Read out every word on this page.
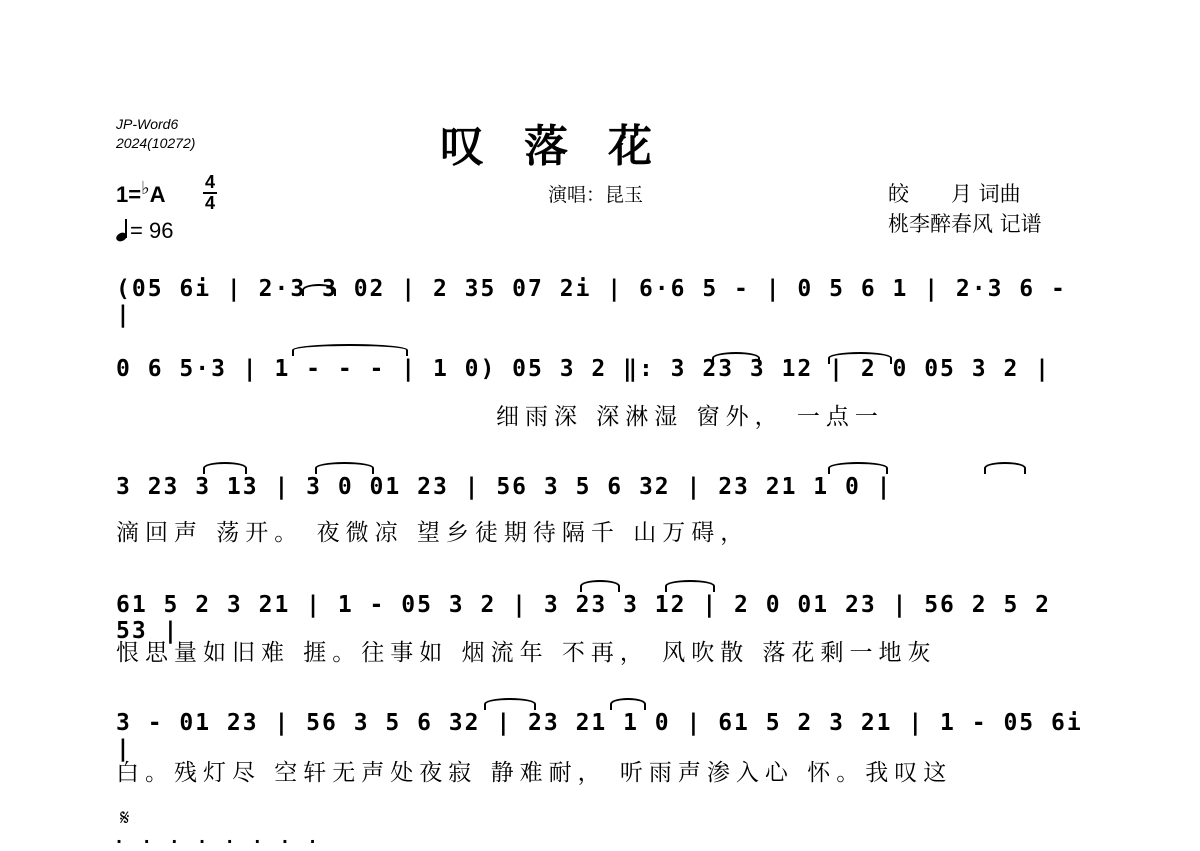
JP-Word6
2024(10272)	叹落花
演唱：昆玉	皎　　月 词曲
桃李醉春风 记谱
1=♭A 4
4
= 96
(05 6i | 2·3 3 02 | 2 35 07 2i | 6·6 5 - | 0 5 6 1 | 2·3 6 - |
0 6 5·3 | 1 - - - | 1 0) 05 3 2 ‖: 3 23 3 12 | 2 0 05 3 2 |
细雨深 深淋湿 窗外， 一点一
3 23 3 13 | 3 0 01 23 | 56 3 5 6 32 | 23 21 1 0 |
滴回声 荡开。 夜微凉 望乡徒期待隔千 山万碍，
61 5 2 3 21 | 1 - 05 3 2 | 3 23 3 12 | 2 0 01 23 | 56 2 5 2 53 |
恨思量如旧难 捱。往事如 烟流年 不再， 风吹散 落花剩一地灰
3 - 01 23 | 56 3 5 6 32 | 23 21 1 0 | 61 5 2 3 21 | 1 - 05 6i |
白。残灯尽 空轩无声处夜寂 静难耐， 听雨声渗入心 怀。我叹这
𝄋
· · · · · · · ·
